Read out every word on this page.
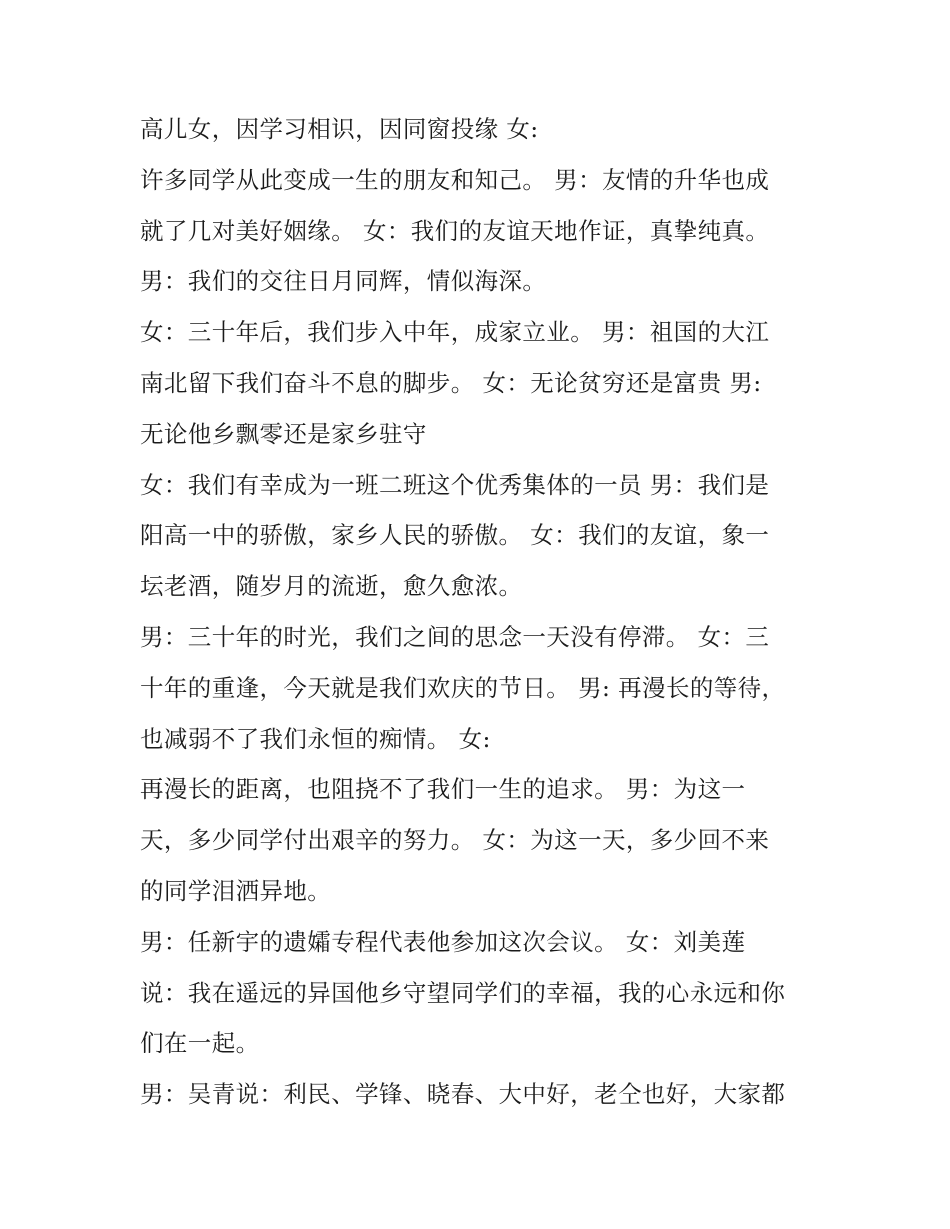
高儿女，因学习相识，因同窗投缘 女:
许多同学从此变成一生的朋友和知己。 男：友情的升华也成
就了几对美好姻缘。 女：我们的友谊天地作证，真挚纯真。
男：我们的交往日月同辉，情似海深。
女：三十年后，我们步入中年，成家立业。 男：祖国的大江
南北留下我们奋斗不息的脚步。 女：无论贫穷还是富贵 男:
无论他乡飘零还是家乡驻守
女：我们有幸成为一班二班这个优秀集体的一员 男：我们是
阳高一中的骄傲，家乡人民的骄傲。 女：我们的友谊，象一
坛老酒，随岁月的流逝，愈久愈浓。
男：三十年的时光，我们之间的思念一天没有停滞。 女：三
十年的重逢，今天就是我们欢庆的节日。 男: 再漫长的等待，
也减弱不了我们永恒的痴情。 女:
再漫长的距离，也阻挠不了我们一生的追求。 男：为这一
天，多少同学付出艰辛的努力。 女：为这一天，多少回不来
的同学泪洒异地。
男：任新宇的遗孀专程代表他参加这次会议。 女：刘美莲
说：我在遥远的异国他乡守望同学们的幸福，我的心永远和你
们在一起。
男：吴青说：利民、学锋、晓春、大中好，老仝也好，大家都
